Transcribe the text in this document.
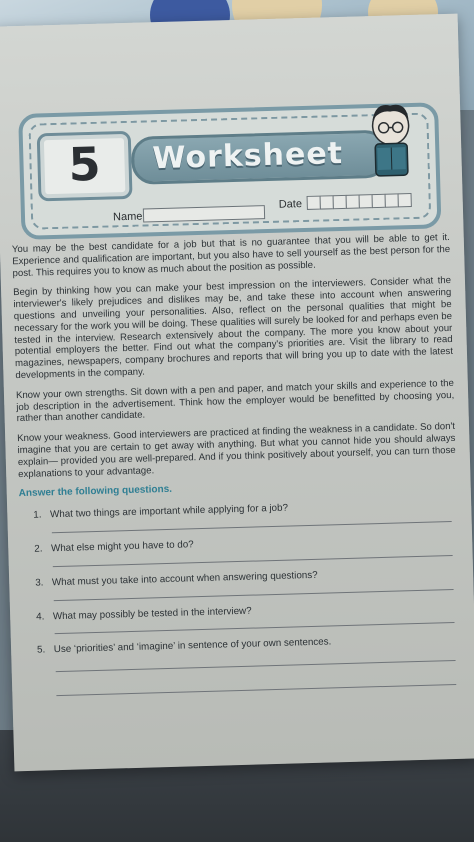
5	Worksheet
Name
Date

You may be the best candidate for a job but that is no guarantee that you will be able to get it. Experience and qualification are important, but you also have to sell yourself as the best person for the post. This requires you to know as much about the position as possible.

Begin by thinking how you can make your best impression on the interviewers. Consider what the interviewer's likely prejudices and dislikes may be, and take these into account when answering questions and unveiling your personalities. Also, reflect on the personal qualities that might be necessary for the work you will be doing. These qualities will surely be looked for and perhaps even be tested in the interview. Research extensively about the company. The more you know about your potential employers the better. Find out what the company's priorities are. Visit the library to read magazines, newspapers, company brochures and reports that will bring you up to date with the latest developments in the company.

Know your own strengths. Sit down with a pen and paper, and match your skills and experience to the job description in the advertisement. Think how the employer would be benefitted by choosing you, rather than another candidate.

Know your weakness. Good interviewers are practiced at finding the weakness in a candidate. So don't imagine that you are certain to get away with anything. But what you cannot hide you should always explain— provided you are well-prepared. And if you think positively about yourself, you can turn those explanations to your advantage.

Answer the following questions.
1. What two things are important while applying for a job?
2. What else might you have to do?
3. What must you take into account when answering questions?
4. What may possibly be tested in the interview?
5. Use ‘priorities’ and ‘imagine’ in sentence of your own sentences.
